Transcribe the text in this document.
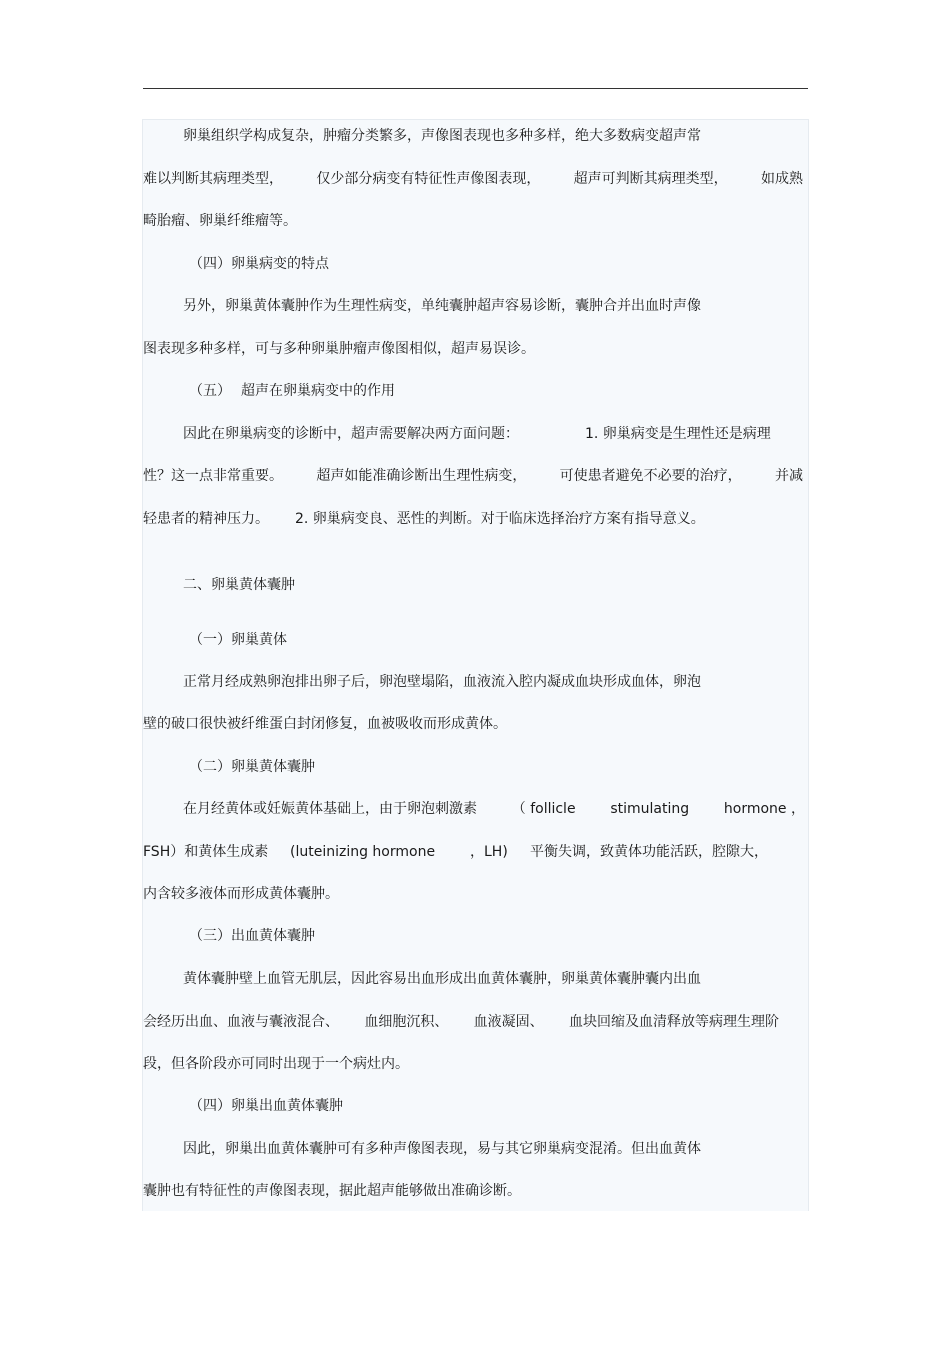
卵巢组织学构成复杂，肿瘤分类繁多，声像图表现也多种多样，绝大多数病变超声常

难以判断其病理类型， 仅少部分病变有特征性声像图表现， 超声可判断其病理类型， 如成熟

畸胎瘤、卵巢纤维瘤等。

（四）卵巢病变的特点

另外，卵巢黄体囊肿作为生理性病变，单纯囊肿超声容易诊断，囊肿合并出血时声像

图表现多种多样，可与多种卵巢肿瘤声像图相似，超声易误诊。

（五） 超声在卵巢病变中的作用

因此在卵巢病变的诊断中，超声需要解决两方面问题：	1. 卵巢病变是生理性还是病理

性？这一点非常重要。 超声如能准确诊断出生理性病变， 可使患者避免不必要的治疗， 并减

轻患者的精神压力。 2. 卵巢病变良、恶性的判断。对于临床选择治疗方案有指导意义。

二、卵巢黄体囊肿

（一）卵巢黄体

正常月经成熟卵泡排出卵子后，卵泡壁塌陷，血液流入腔内凝成血块形成血体，卵泡

壁的破口很快被纤维蛋白封闭修复，血被吸收而形成黄体。

（二）卵巢黄体囊肿

在月经黄体或妊娠黄体基础上，由于卵泡刺激素 （ follicle stimulating hormone ，

FSH）和黄体生成素 (luteinizing hormone ，LH) 平衡失调，致黄体功能活跃，腔隙大，

内含较多液体而形成黄体囊肿。

（三）出血黄体囊肿

黄体囊肿壁上血管无肌层，因此容易出血形成出血黄体囊肿，卵巢黄体囊肿囊内出血

会经历出血、血液与囊液混合、 血细胞沉积、 血液凝固、 血块回缩及血清释放等病理生理阶

段，但各阶段亦可同时出现于一个病灶内。

（四）卵巢出血黄体囊肿

因此，卵巢出血黄体囊肿可有多种声像图表现，易与其它卵巢病变混淆。但出血黄体

囊肿也有特征性的声像图表现，据此超声能够做出准确诊断。
